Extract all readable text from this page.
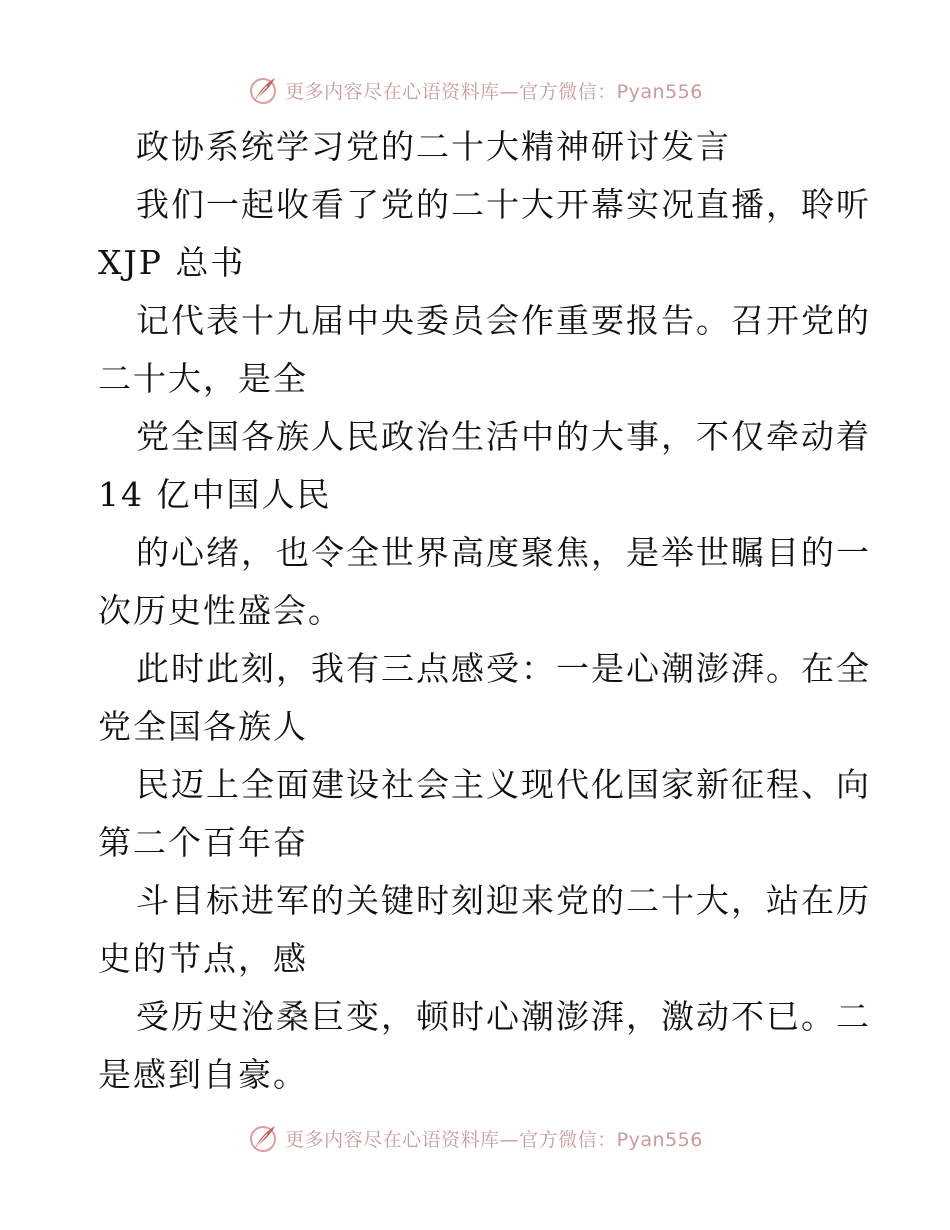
更多内容尽在心语资料库—官方微信：Pyan556
政协系统学习党的二十大精神研讨发言
我们一起收看了党的二十大开幕实况直播，聆听
XJP 总书
记代表十九届中央委员会作重要报告。召开党的
二十大，是全
党全国各族人民政治生活中的大事，不仅牵动着
14 亿中国人民
的心绪，也令全世界高度聚焦，是举世瞩目的一
次历史性盛会。
此时此刻，我有三点感受：一是心潮澎湃。在全
党全国各族人
民迈上全面建设社会主义现代化国家新征程、向
第二个百年奋
斗目标进军的关键时刻迎来党的二十大，站在历
史的节点，感
受历史沧桑巨变，顿时心潮澎湃，激动不已。二
是感到自豪。
更多内容尽在心语资料库—官方微信：Pyan556
